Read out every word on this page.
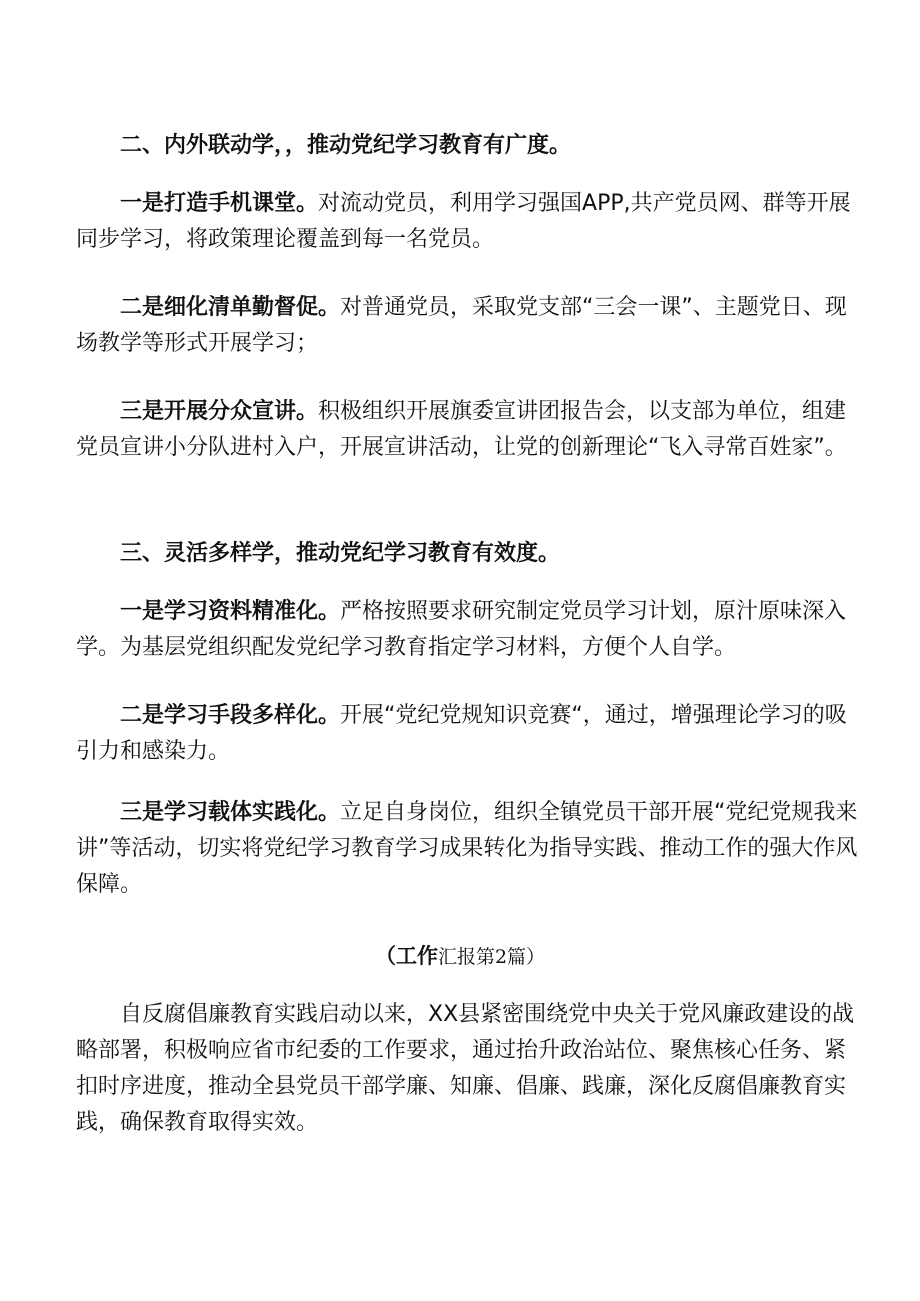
二、内外联动学，，推动党纪学习教育有广度。

一是打造手机课堂。对流动党员，利用学习强国APP,共产党员网、群等开展同步学习，将政策理论覆盖到每一名党员。

二是细化清单勤督促。对普通党员，采取党支部“三会一课”、主题党日、现场教学等形式开展学习；

三是开展分众宣讲。积极组织开展旗委宣讲团报告会，以支部为单位，组建党员宣讲小分队进村入户，开展宣讲活动，让党的创新理论“飞入寻常百姓家”。

三、灵活多样学，推动党纪学习教育有效度。

一是学习资料精准化。严格按照要求研究制定党员学习计划，原汁原味深入学。为基层党组织配发党纪学习教育指定学习材料，方便个人自学。

二是学习手段多样化。开展“党纪党规知识竞赛“，通过，增强理论学习的吸引力和感染力。

三是学习载体实践化。立足自身岗位，组织全镇党员干部开展“党纪党规我来讲”等活动，切实将党纪学习教育学习成果转化为指导实践、推动工作的强大作风保障。

（工作汇报第2篇）

自反腐倡廉教育实践启动以来，XX县紧密围绕党中央关于党风廉政建设的战略部署，积极响应省市纪委的工作要求，通过抬升政治站位、聚焦核心任务、紧扣时序进度，推动全县党员干部学廉、知廉、倡廉、践廉，深化反腐倡廉教育实践，确保教育取得实效。
